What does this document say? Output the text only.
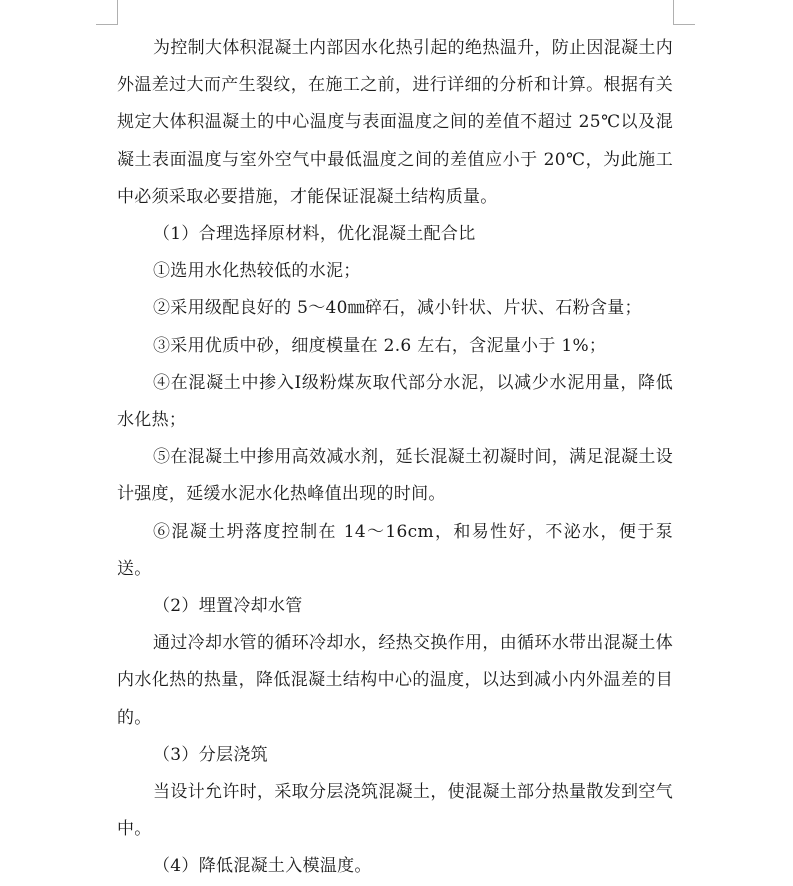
为控制大体积混凝土内部因水化热引起的绝热温升，防止因混凝土内外温差过大而产生裂纹，在施工之前，进行详细的分析和计算。根据有关规定大体积温凝土的中心温度与表面温度之间的差值不超过 25℃以及混凝土表面温度与室外空气中最低温度之间的差值应小于 20℃，为此施工中必须采取必要措施，才能保证混凝土结构质量。

（1）合理选择原材料，优化混凝土配合比

①选用水化热较低的水泥；

②采用级配良好的 5～40㎜碎石，减小针状、片状、石粉含量；

③采用优质中砂，细度模量在 2.6 左右，含泥量小于 1%；

④在混凝土中掺入Ⅰ级粉煤灰取代部分水泥，以减少水泥用量，降低水化热；

⑤在混凝土中掺用高效减水剂，延长混凝土初凝时间，满足混凝土设计强度，延缓水泥水化热峰值出现的时间。

⑥混凝土坍落度控制在 14～16cm，和易性好，不泌水，便于泵送。

（2）埋置冷却水管

通过冷却水管的循环冷却水，经热交换作用，由循环水带出混凝土体内水化热的热量，降低混凝土结构中心的温度，以达到减小内外温差的目的。

（3）分层浇筑

当设计允许时，采取分层浇筑混凝土，使混凝土部分热量散发到空气中。

（4）降低混凝土入模温度。
